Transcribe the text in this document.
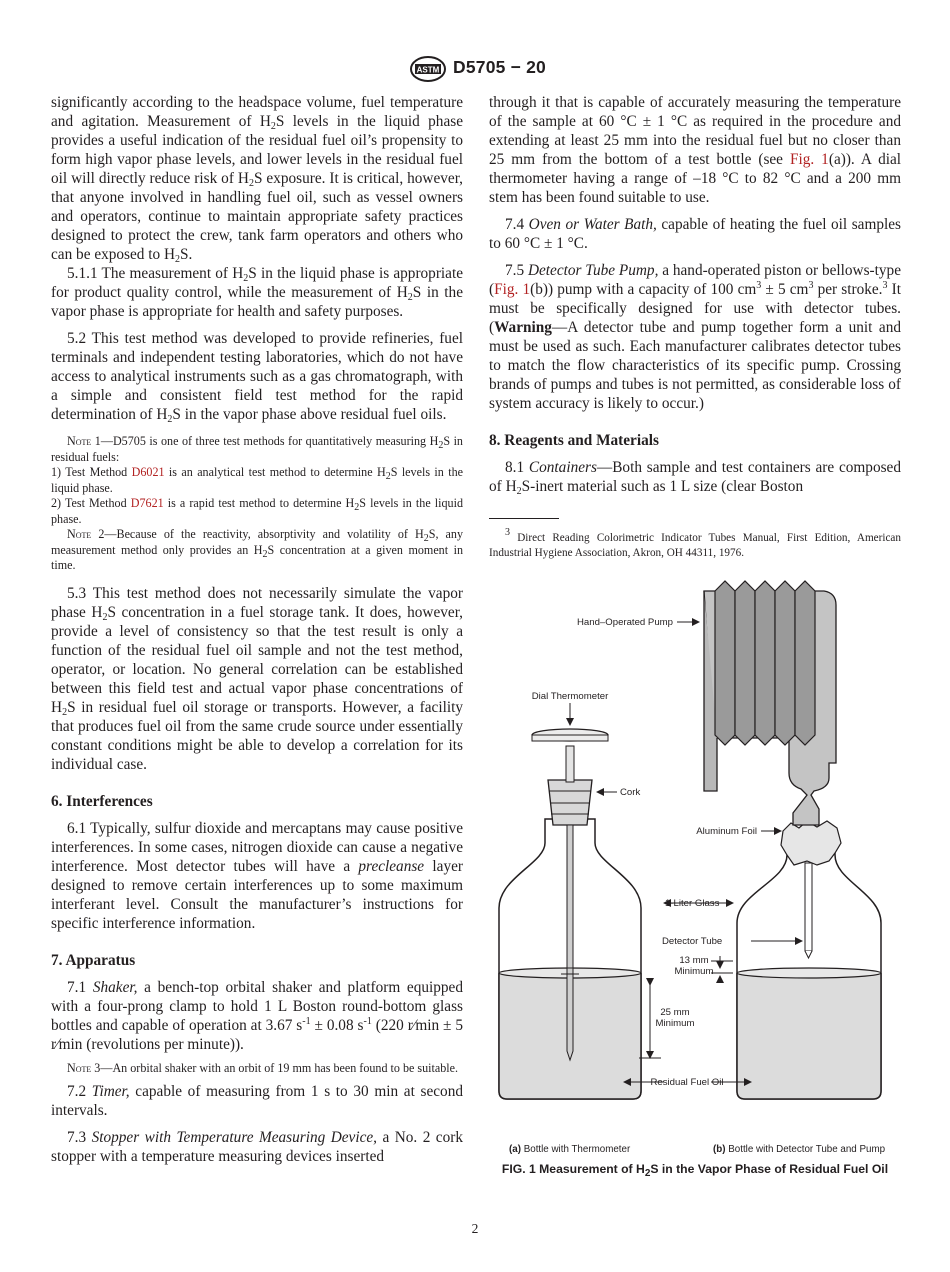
ASTM D5705 − 20

significantly according to the headspace volume, fuel temperature and agitation. Measurement of $H_2S$ levels in the liquid phase provides a useful indication of the residual fuel oil’s propensity to form high vapor phase levels, and lower levels in the residual fuel oil will directly reduce risk of $H_2S$ exposure. It is critical, however, that anyone involved in handling fuel oil, such as vessel owners and operators, continue to maintain appropriate safety practices designed to protect the crew, tank farm operators and others who can be exposed to $H_2S$.

5.1.1 The measurement of $H_2S$ in the liquid phase is appropriate for product quality control, while the measurement of $H_2S$ in the vapor phase is appropriate for health and safety purposes.

5.2 This test method was developed to provide refineries, fuel terminals and independent testing laboratories, which do not have access to analytical instruments such as a gas chromatograph, with a simple and consistent field test method for the rapid determination of $H_2S$ in the vapor phase above residual fuel oils.

Note 1—D5705 is one of three test methods for quantitatively measuring $H_2S$ in residual fuels:

1) Test Method D6021 is an analytical test method to determine $H_2S$ levels in the liquid phase.

2) Test Method D7621 is a rapid test method to determine $H_2S$ levels in the liquid phase.

Note 2—Because of the reactivity, absorptivity and volatility of $H_2S$, any measurement method only provides an $H_2S$ concentration at a given moment in time.

5.3 This test method does not necessarily simulate the vapor phase $H_2S$ concentration in a fuel storage tank. It does, however, provide a level of consistency so that the test result is only a function of the residual fuel oil sample and not the test method, operator, or location. No general correlation can be established between this field test and actual vapor phase concentrations of $H_2S$ in residual fuel oil storage or transports. However, a facility that produces fuel oil from the same crude source under essentially constant conditions might be able to develop a correlation for its individual case.

6. Interferences

6.1 Typically, sulfur dioxide and mercaptans may cause positive interferences. In some cases, nitrogen dioxide can cause a negative interference. Most detector tubes will have a precleanse layer designed to remove certain interferences up to some maximum interferant level. Consult the manufacturer’s instructions for specific interference information.

7. Apparatus

7.1 Shaker, a bench-top orbital shaker and platform equipped with a four-prong clamp to hold 1 L Boston round-bottom glass bottles and capable of operation at 3.67 $s^{-1} \pm 0.08$ $s^{-1}$ (220 r⁄min ± 5 r⁄min (revolutions per minute)).

Note 3—An orbital shaker with an orbit of 19 mm has been found to be suitable.

7.2 Timer, capable of measuring from 1 s to 30 min at second intervals.

7.3 Stopper with Temperature Measuring Device, a No. 2 cork stopper with a temperature measuring devices inserted

through it that is capable of accurately measuring the temperature of the sample at 60 °C ± 1 °C as required in the procedure and extending at least 25 mm into the residual fuel but no closer than 25 mm from the bottom of a test bottle (see Fig. 1(a)). A dial thermometer having a range of –18 °C to 82 °C and a 200 mm stem has been found suitable to use.

7.4 Oven or Water Bath, capable of heating the fuel oil samples to 60 °C ± 1 °C.

7.5 Detector Tube Pump, a hand-operated piston or bellows-type (Fig. 1(b)) pump with a capacity of 100 $cm^3 \pm 5$ $cm^3$ per stroke.$^3$ It must be specifically designed for use with detector tubes. (Warning—A detector tube and pump together form a unit and must be used as such. Each manufacturer calibrates detector tubes to match the flow characteristics of its specific pump. Crossing brands of pumps and tubes is not permitted, as considerable loss of system accuracy is likely to occur.)

8. Reagents and Materials

8.1 Containers—Both sample and test containers are composed of $H_2S$-inert material such as 1 L size (clear Boston

$^3$ Direct Reading Colorimetric Indicator Tubes Manual, First Edition, American Industrial Hygiene Association, Akron, OH 44311, 1976.

Hand–Operated Pump
Dial Thermometer
Cork
Aluminum Foil
1-Liter Glass
Detector Tube
13 mm
Minimum
25 mm
Minimum
Residual Fuel Oil
(a) Bottle with Thermometer	(b) Bottle with Detector Tube and Pump
FIG. 1 Measurement of $H_2S$ in the Vapor Phase of Residual Fuel Oil
2
